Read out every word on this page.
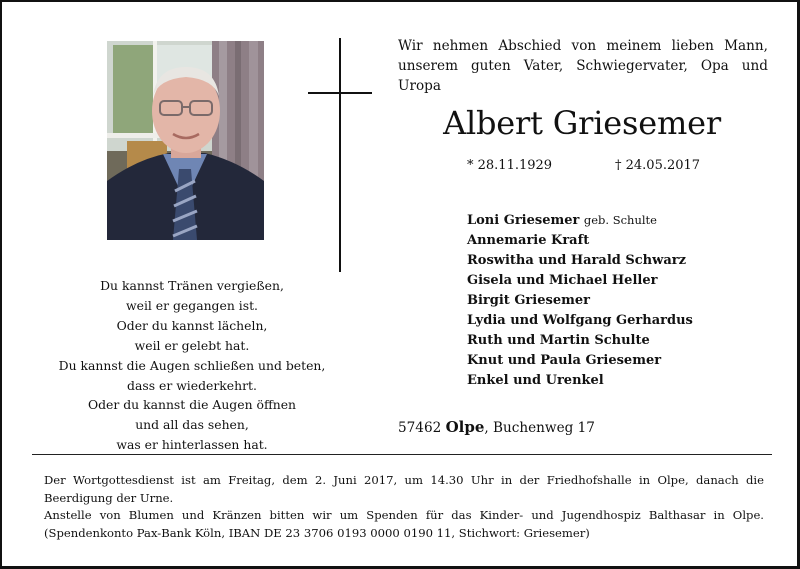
Du kannst Tränen vergießen,
weil er gegangen ist.
Oder du kannst lächeln,
weil er gelebt hat.
Du kannst die Augen schließen und beten,
dass er wiederkehrt.
Oder du kannst die Augen öffnen
und all das sehen,
was er hinterlassen hat.
Wir nehmen Abschied von meinem lieben Mann,
unserem guten Vater, Schwiegervater, Opa und Uropa
Albert Griesemer
* 28.11.1929	† 24.05.2017
Loni Griesemer geb. Schulte
Annemarie Kraft
Roswitha und Harald Schwarz
Gisela und Michael Heller
Birgit Griesemer
Lydia und Wolfgang Gerhardus
Ruth und Martin Schulte
Knut und Paula Griesemer
Enkel und Urenkel
57462 Olpe, Buchenweg 17

Der Wortgottesdienst ist am Freitag, dem 2. Juni 2017, um 14.30 Uhr in der Friedhofshalle in Olpe, danach die Beerdigung der Urne.

Anstelle von Blumen und Kränzen bitten wir um Spenden für das Kinder- und Jugendhospiz Balthasar in Olpe. (Spendenkonto Pax-Bank Köln, IBAN DE 23 3706 0193 0000 0190 11, Stichwort: Griesemer)
